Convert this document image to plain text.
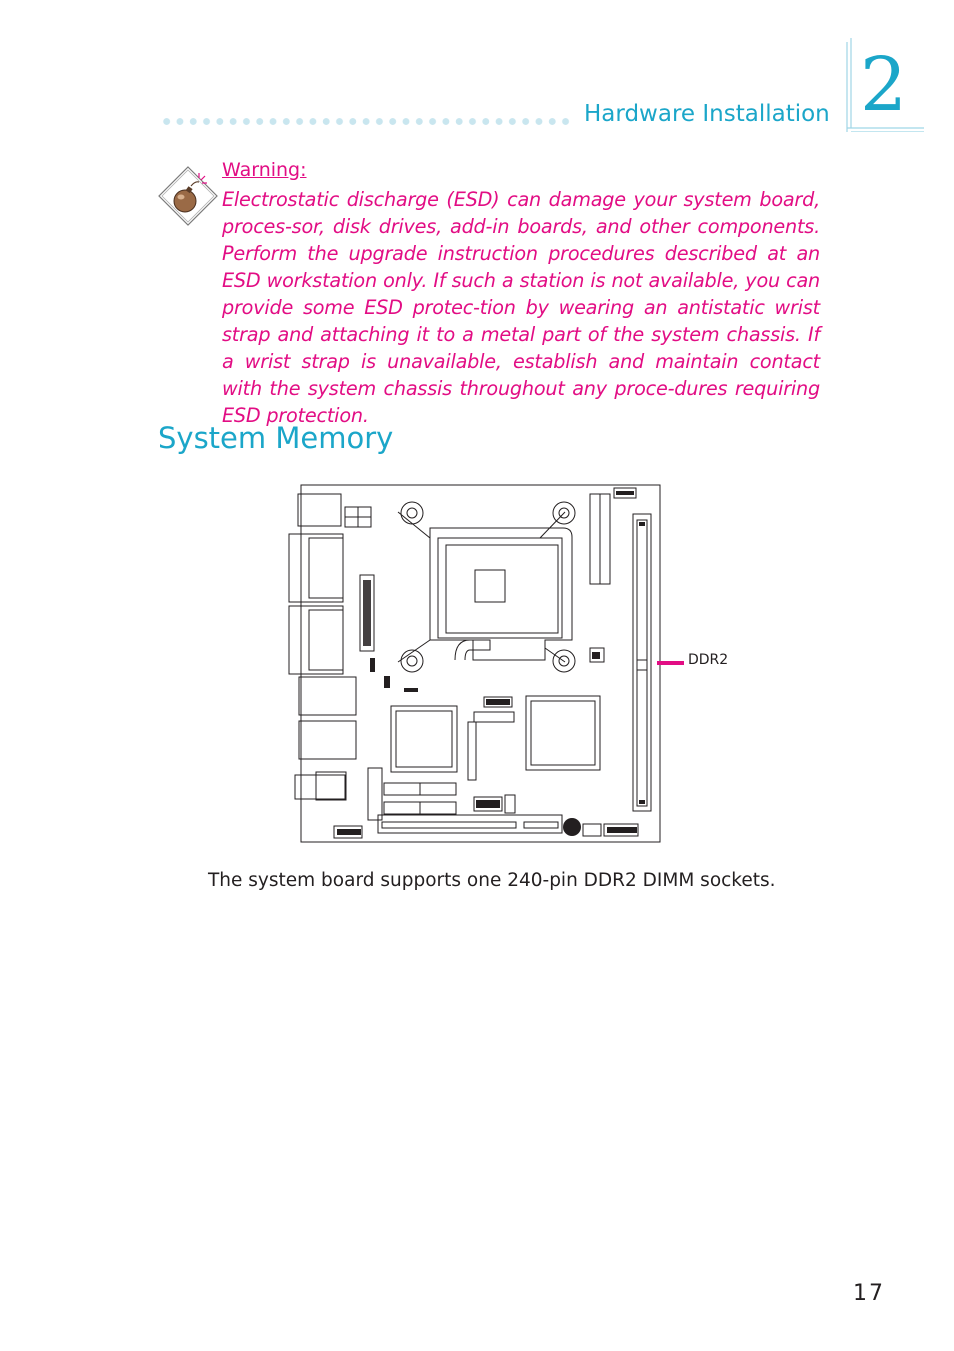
Hardware Installation 2
Warning:
Electrostatic discharge (ESD) can damage your system board, proces-sor, disk drives, add-in boards, and other components. Perform the upgrade instruction procedures described at an ESD workstation only. If such a station is not available, you can provide some ESD protec-tion by wearing an antistatic wrist strap and attaching it to a metal part of the system chassis. If a wrist strap is unavailable, establish and maintain contact with the system chassis throughout any proce-dures requiring ESD protection.
System Memory
DDR2
The system board supports one 240-pin DDR2 DIMM sockets.
17
